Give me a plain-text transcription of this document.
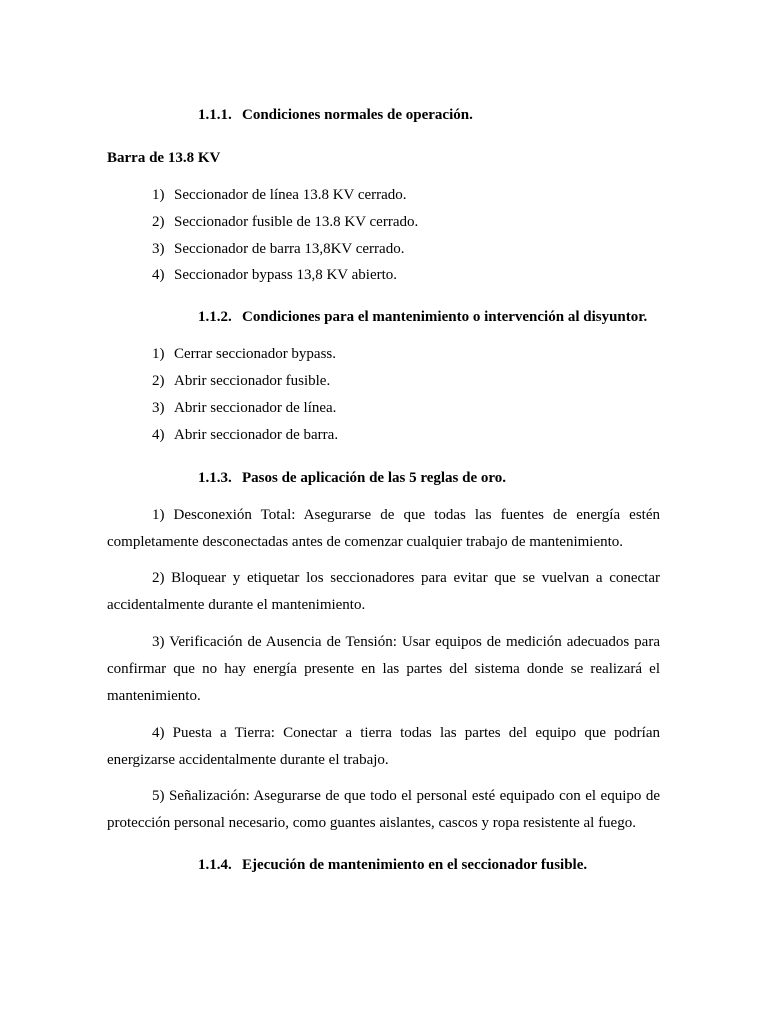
1.1.1. Condiciones normales de operación.
Barra de 13.8 KV
1) Seccionador de línea 13.8 KV cerrado.
2) Seccionador fusible de 13.8 KV cerrado.
3) Seccionador de barra 13,8KV cerrado.
4) Seccionador bypass 13,8 KV abierto.
1.1.2. Condiciones para el mantenimiento o intervención al disyuntor.
1) Cerrar seccionador bypass.
2) Abrir seccionador fusible.
3) Abrir seccionador de línea.
4) Abrir seccionador de barra.
1.1.3. Pasos de aplicación de las 5 reglas de oro.

1) Desconexión Total: Asegurarse de que todas las fuentes de energía estén completamente desconectadas antes de comenzar cualquier trabajo de mantenimiento.

2) Bloquear y etiquetar los seccionadores para evitar que se vuelvan a conectar accidentalmente durante el mantenimiento.

3) Verificación de Ausencia de Tensión: Usar equipos de medición adecuados para confirmar que no hay energía presente en las partes del sistema donde se realizará el mantenimiento.

4) Puesta a Tierra: Conectar a tierra todas las partes del equipo que podrían energizarse accidentalmente durante el trabajo.

5) Señalización: Asegurarse de que todo el personal esté equipado con el equipo de protección personal necesario, como guantes aislantes, cascos y ropa resistente al fuego.

1.1.4. Ejecución de mantenimiento en el seccionador fusible.
